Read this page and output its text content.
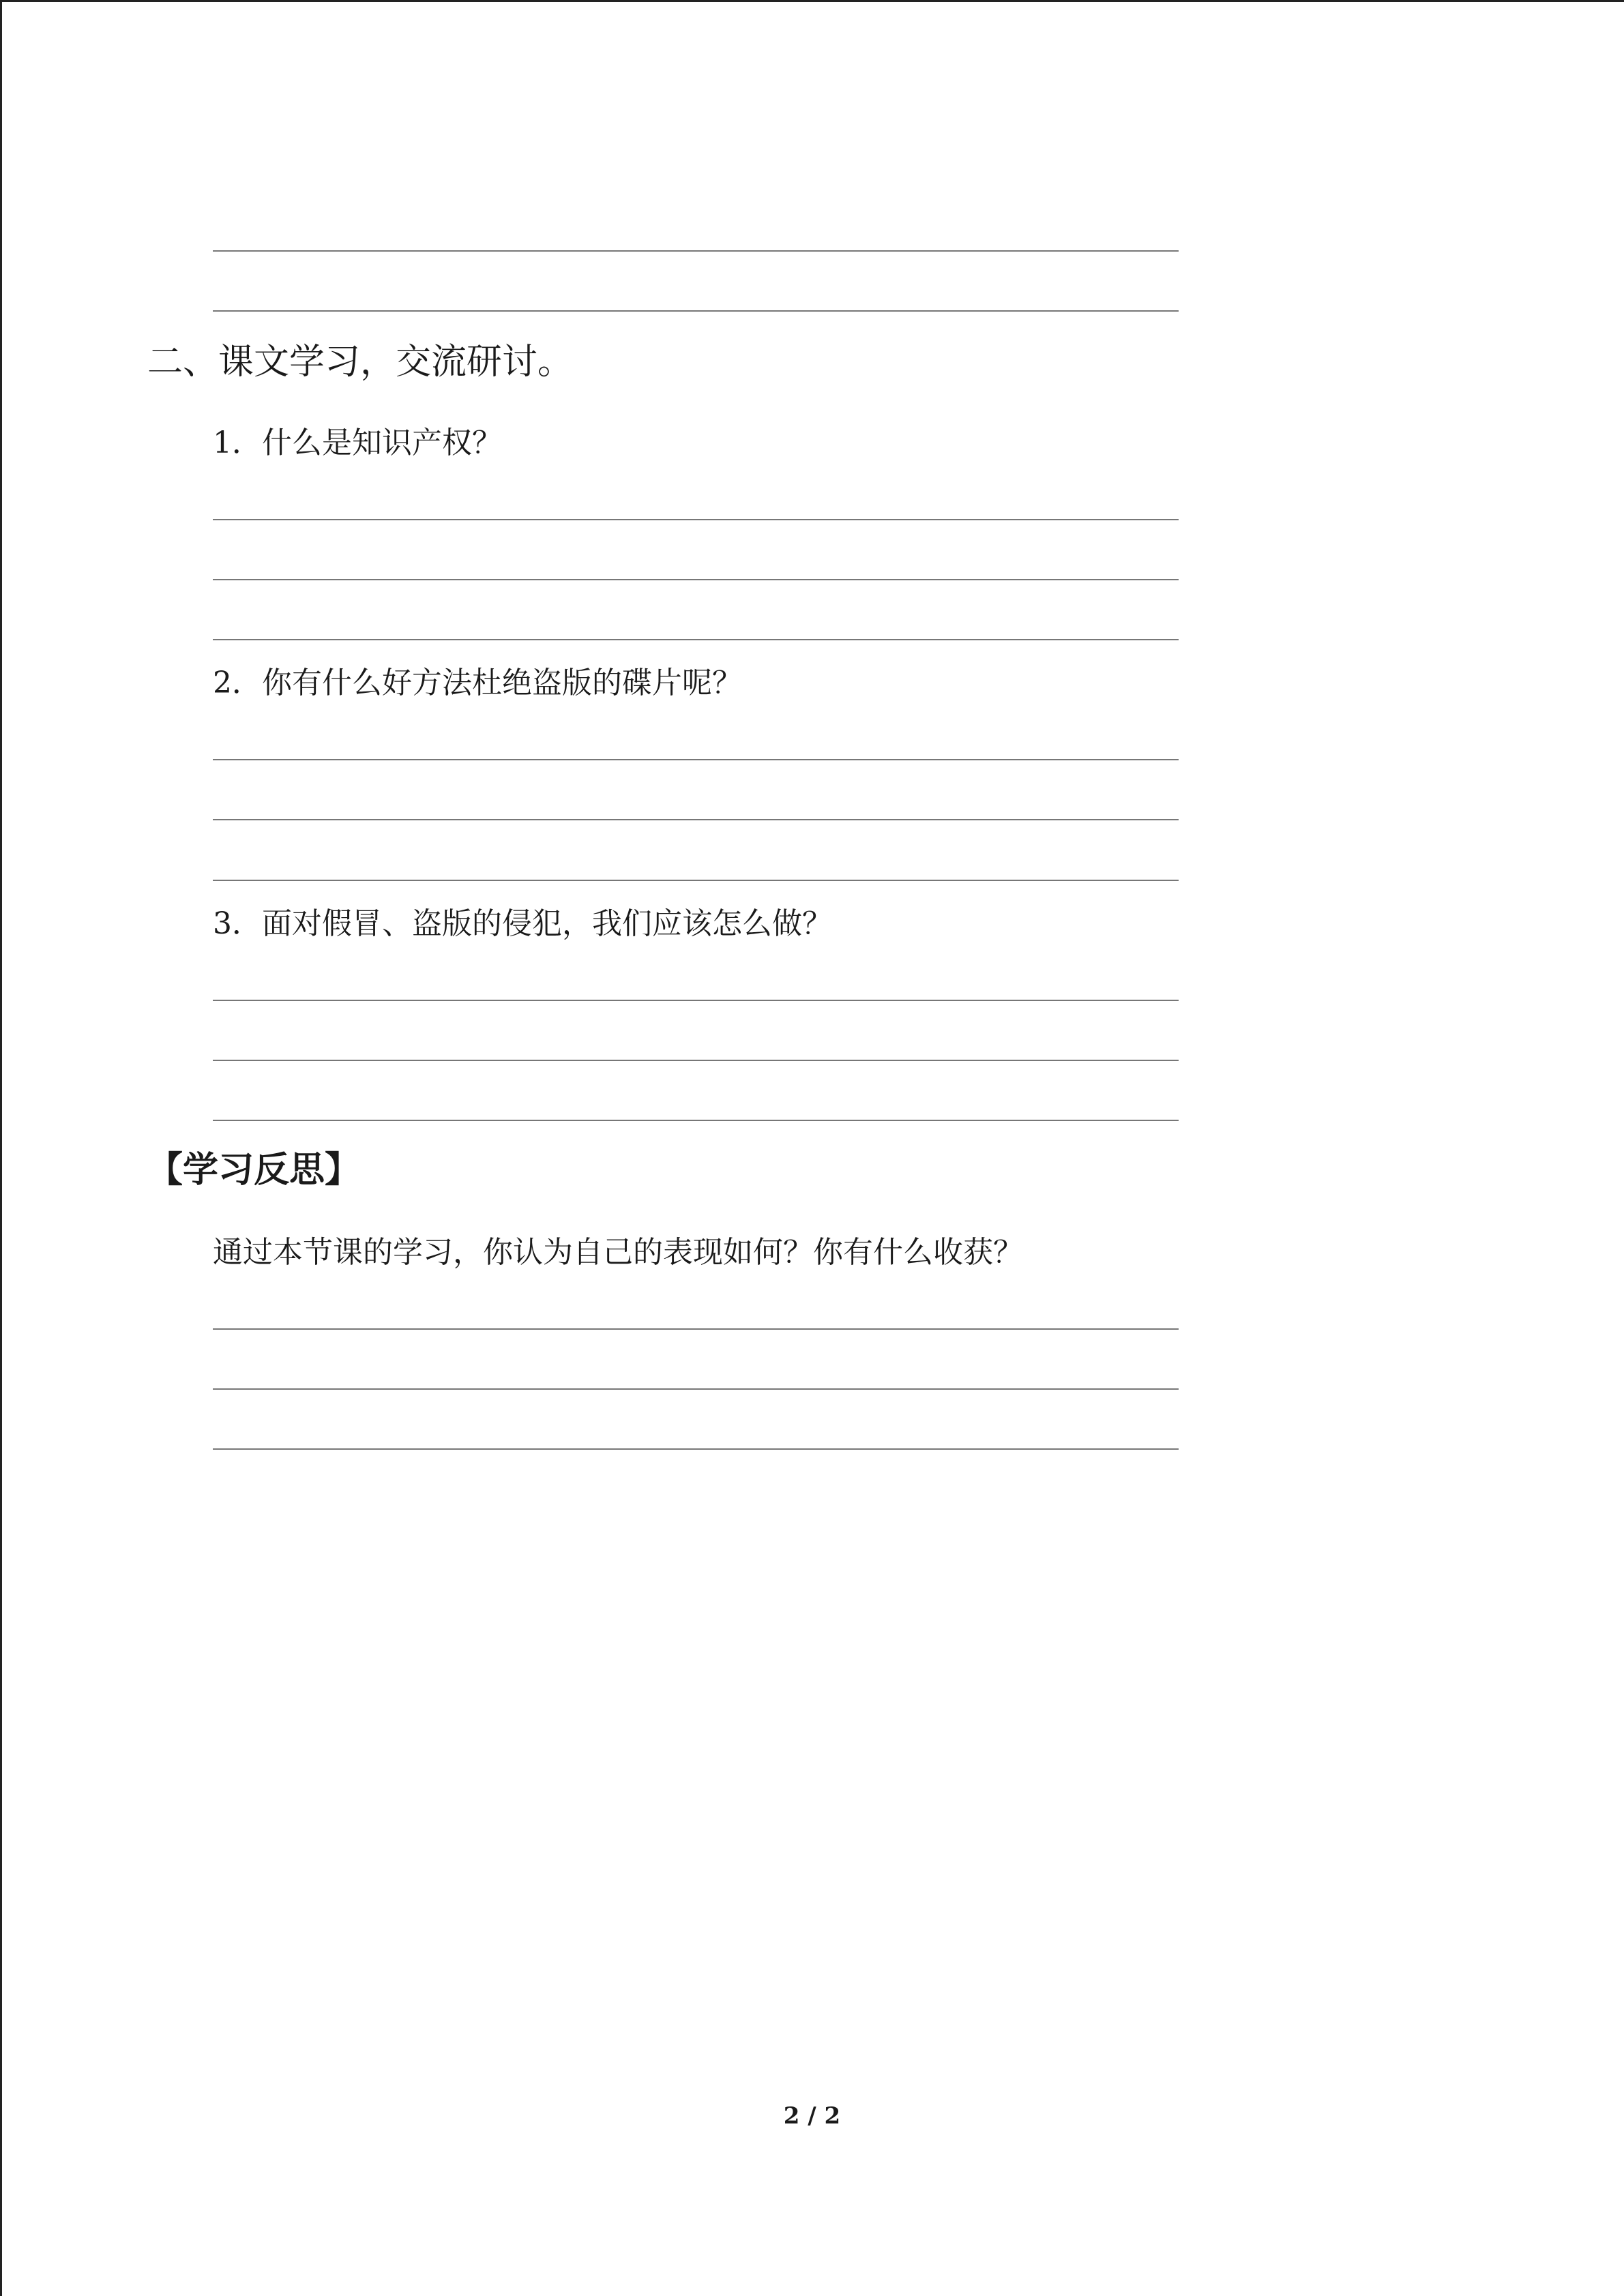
二、课文学习，交流研讨。
1．什么是知识产权？
2．你有什么好方法杜绝盗版的碟片呢？
3．面对假冒、盗版的侵犯，我们应该怎么做？
【学习反思】
通过本节课的学习，你认为自己的表现如何？你有什么收获？
2 / 2
